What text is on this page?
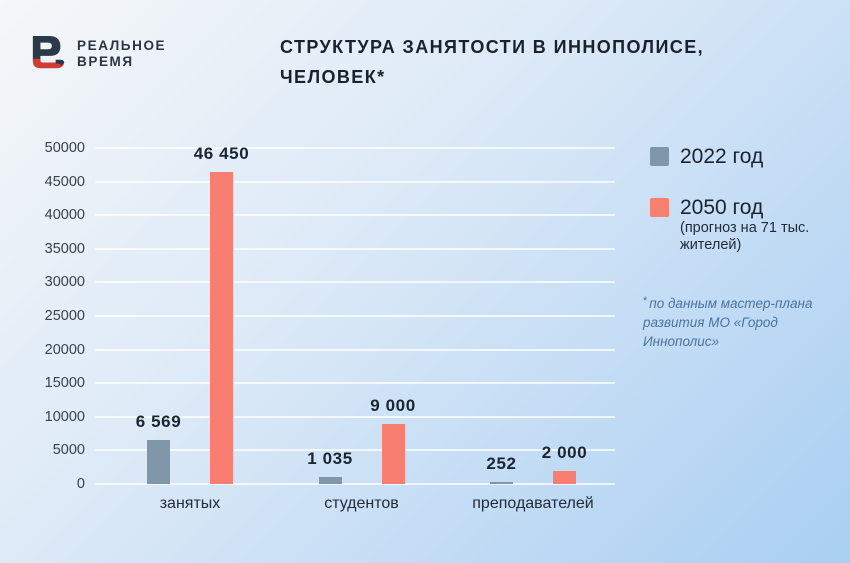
РЕАЛЬНОЕ
ВРЕМЯ
СТРУКТУРА ЗАНЯТОСТИ В ИННОПОЛИСЕ,
ЧЕЛОВЕК*
0
5000
10000
15000
20000
25000
30000
35000
40000
45000
50000
6 569
46 450
занятых
1 035
9 000
студентов
252
2 000
преподавателей
2022 год
2050 год
(прогноз на 71 тыс. жителей)
* по данным мастер-плана развития МО «Город Иннополис»
